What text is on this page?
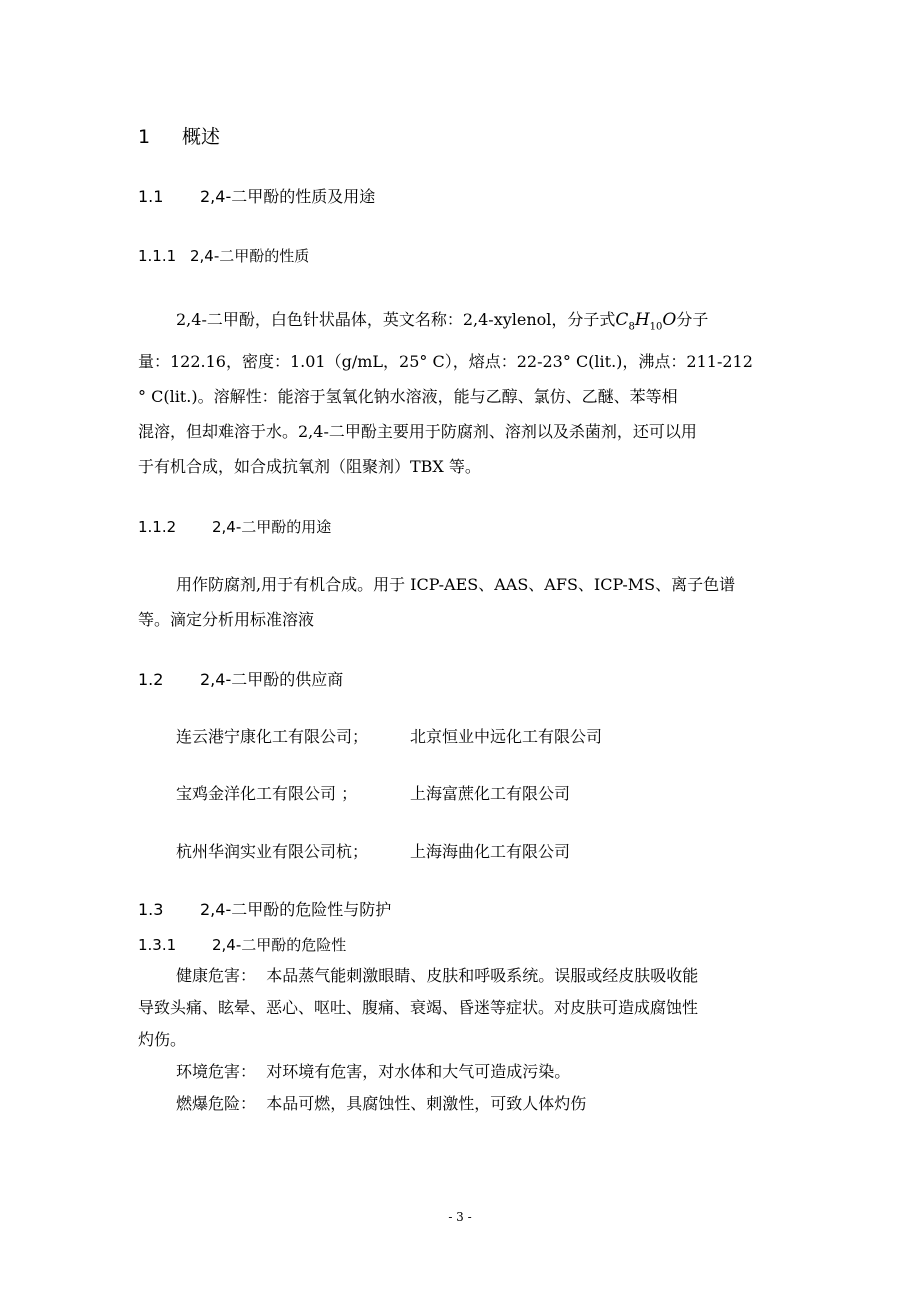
1 概述
1.1 2,4-二甲酚的性质及用途
1.1.1 2,4-二甲酚的性质
2,4-二甲酚，白色针状晶体，英文名称：2,4-xylenol，分子式$C_8H_{10}O$分子
量：122.16，密度：1.01（g/mL，25° C），熔点：22-23° C(lit.)，沸点：211-212
° C(lit.)。溶解性：能溶于氢氧化钠水溶液，能与乙醇、氯仿、乙醚、苯等相
混溶，但却难溶于水。2,4-二甲酚主要用于防腐剂、溶剂以及杀菌剂，还可以用
于有机合成，如合成抗氧剂（阻聚剂）TBX 等。
1.1.2 2,4-二甲酚的用途
用作防腐剂,用于有机合成。用于 ICP-AES、AAS、AFS、ICP-MS、离子色谱
等。滴定分析用标准溶液
1.2 2,4-二甲酚的供应商
连云港宁康化工有限公司；	北京恒业中远化工有限公司
宝鸡金洋化工有限公司 ；	上海富蔗化工有限公司
杭州华润实业有限公司杭；	上海海曲化工有限公司
1.3 2,4-二甲酚的危险性与防护
1.3.1 2,4-二甲酚的危险性
健康危害： 本品蒸气能刺激眼睛、皮肤和呼吸系统。误服或经皮肤吸收能
导致头痛、眩晕、恶心、呕吐、腹痛、衰竭、昏迷等症状。对皮肤可造成腐蚀性
灼伤。
环境危害： 对环境有危害，对水体和大气可造成污染。
燃爆危险： 本品可燃，具腐蚀性、刺激性，可致人体灼伤
- 3 -
